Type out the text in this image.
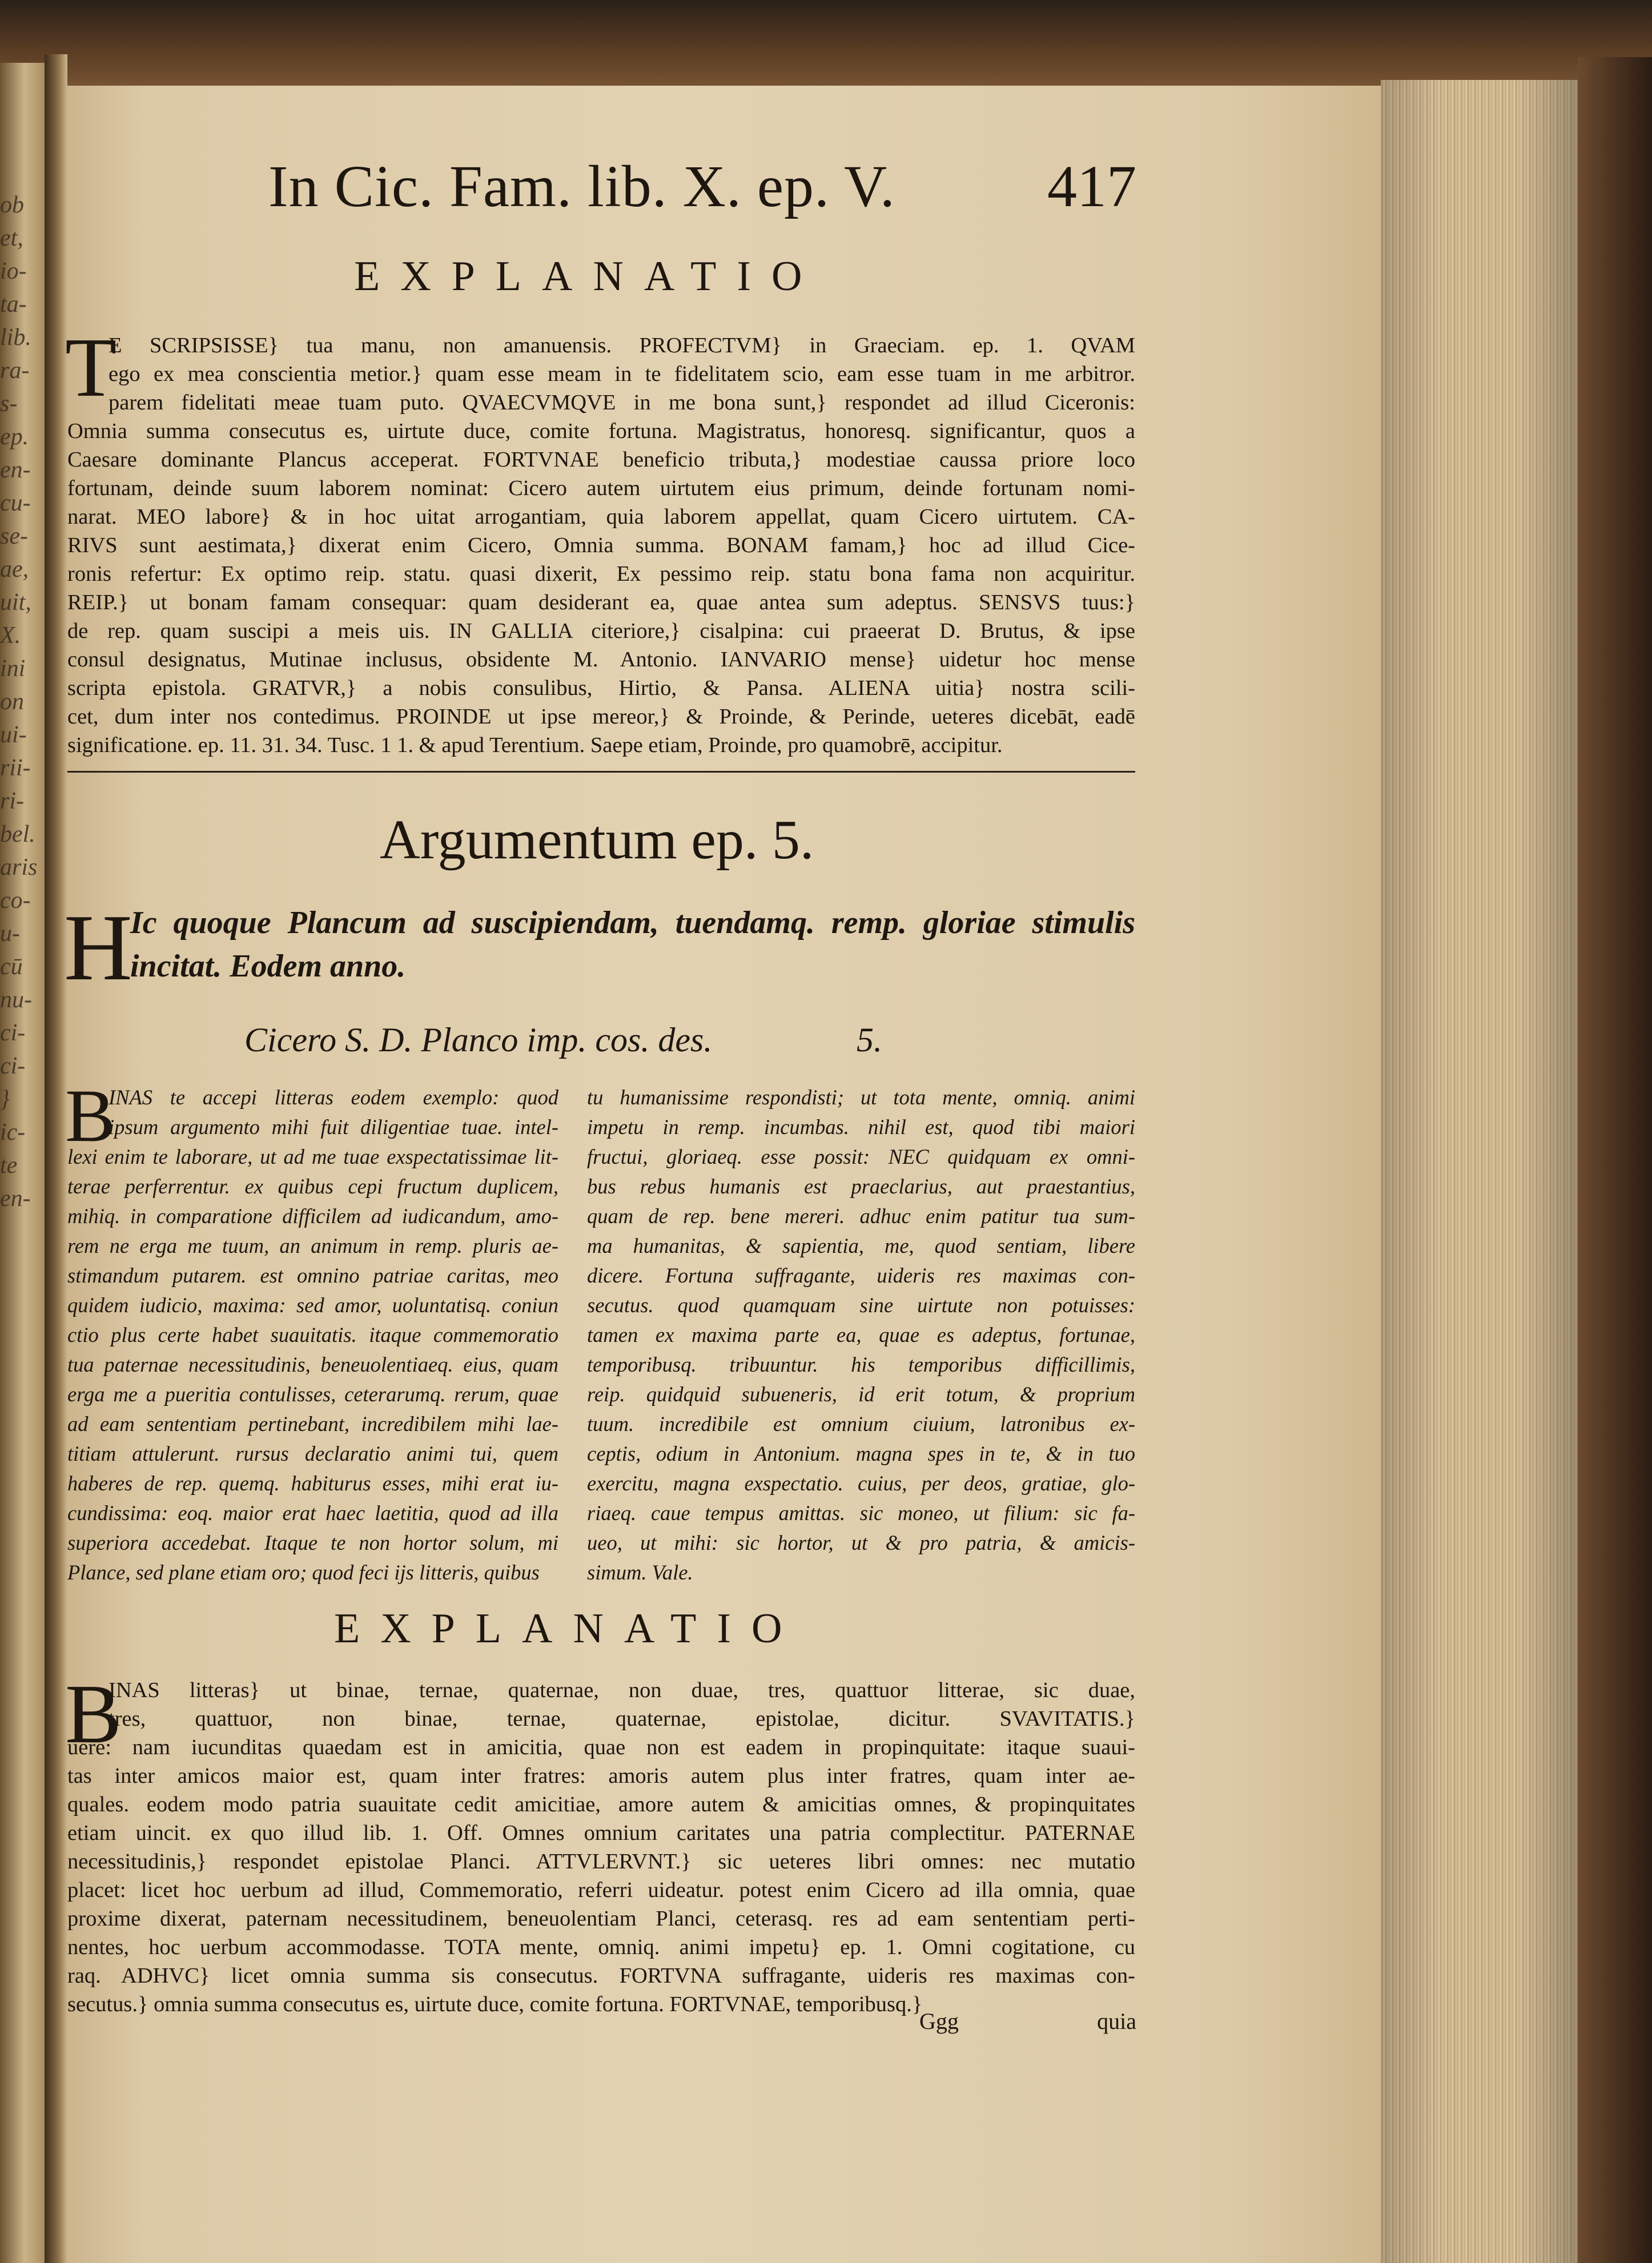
ob
et,
io-
ta-
lib.
ra-
s-
ep.
en-
cu-
se-
ae,
uit,
X.
ini
on
ui-
rii-
ri-
bel.
aris
co-
u-
cū
nu-
ci-
ci-
}
ic-
te
en-
In Cic. Fam. lib. X. ep. V.	417
EXPLANATIO
T
E SCRIPSISSE} tua manu, non amanuensis. PROFECTVM} in Graeciam. ep. 1. QVAM
ego ex mea conscientia metior.} quam esse meam in te fidelitatem scio, eam esse tuam in me arbitror.
parem fidelitati meae tuam puto. QVAECVMQVE in me bona sunt,} respondet ad illud Ciceronis:
Omnia summa consecutus es, uirtute duce, comite fortuna. Magistratus, honoresq. significantur, quos a
Caesare dominante Plancus acceperat. FORTVNAE beneficio tributa,} modestiae caussa priore loco
fortunam, deinde suum laborem nominat: Cicero autem uirtutem eius primum, deinde fortunam nomi-
narat. MEO labore} & in hoc uitat arrogantiam, quia laborem appellat, quam Cicero uirtutem. CA-
RIVS sunt aestimata,} dixerat enim Cicero, Omnia summa. BONAM famam,} hoc ad illud Cice-
ronis refertur: Ex optimo reip. statu. quasi dixerit, Ex pessimo reip. statu bona fama non acquiritur.
REIP.} ut bonam famam consequar: quam desiderant ea, quae antea sum adeptus. SENSVS tuus:}
de rep. quam suscipi a meis uis. IN GALLIA citeriore,} cisalpina: cui praeerat D. Brutus, & ipse
consul designatus, Mutinae inclusus, obsidente M. Antonio. IANVARIO mense} uidetur hoc mense
scripta epistola. GRATVR,} a nobis consulibus, Hirtio, & Pansa. ALIENA uitia} nostra scili-
cet, dum inter nos contedimus. PROINDE ut ipse mereor,} & Proinde, & Perinde, ueteres dicebāt, eadē
significatione. ep. 11. 31. 34. Tusc. 1 1. & apud Terentium. Saepe etiam, Proinde, pro quamobrē, accipitur.
Argumentum ep. 5.
H
Ic quoque Plancum ad suscipiendam, tuendamq. remp. gloriae stimulis
incitat. Eodem anno.
Cicero S. D. Planco imp. cos. des.	5.
B
INAS te accepi litteras eodem exemplo: quod
ipsum argumento mihi fuit diligentiae tuae. intel-
lexi enim te laborare, ut ad me tuae exspectatissimae lit-
terae perferrentur. ex quibus cepi fructum duplicem,
mihiq. in comparatione difficilem ad iudicandum, amo-
rem ne erga me tuum, an animum in remp. pluris ae-
stimandum putarem. est omnino patriae caritas, meo
quidem iudicio, maxima: sed amor, uoluntatisq. coniun
ctio plus certe habet suauitatis. itaque commemoratio
tua paternae necessitudinis, beneuolentiaeq. eius, quam
erga me a pueritia contulisses, ceterarumq. rerum, quae
ad eam sententiam pertinebant, incredibilem mihi lae-
titiam attulerunt. rursus declaratio animi tui, quem
haberes de rep. quemq. habiturus esses, mihi erat iu-
cundissima: eoq. maior erat haec laetitia, quod ad illa
superiora accedebat. Itaque te non hortor solum, mi
Plance, sed plane etiam oro; quod feci ijs litteris, quibus
tu humanissime respondisti; ut tota mente, omniq. animi
impetu in remp. incumbas. nihil est, quod tibi maiori
fructui, gloriaeq. esse possit: NEC quidquam ex omni-
bus rebus humanis est praeclarius, aut praestantius,
quam de rep. bene mereri. adhuc enim patitur tua sum-
ma humanitas, & sapientia, me, quod sentiam, libere
dicere. Fortuna suffragante, uideris res maximas con-
secutus. quod quamquam sine uirtute non potuisses:
tamen ex maxima parte ea, quae es adeptus, fortunae,
temporibusq. tribuuntur. his temporibus difficillimis,
reip. quidquid subueneris, id erit totum, & proprium
tuum. incredibile est omnium ciuium, latronibus ex-
ceptis, odium in Antonium. magna spes in te, & in tuo
exercitu, magna exspectatio. cuius, per deos, gratiae, glo-
riaeq. caue tempus amittas. sic moneo, ut filium: sic fa-
ueo, ut mihi: sic hortor, ut & pro patria, & amicis-
simum. Vale.
EXPLANATIO
B
INAS litteras} ut binae, ternae, quaternae, non duae, tres, quattuor litterae, sic duae,
tres, quattuor, non binae, ternae, quaternae, epistolae, dicitur. SVAVITATIS.}
uere: nam iucunditas quaedam est in amicitia, quae non est eadem in propinquitate: itaque suaui-
tas inter amicos maior est, quam inter fratres: amoris autem plus inter fratres, quam inter ae-
quales. eodem modo patria suauitate cedit amicitiae, amore autem & amicitias omnes, & propinquitates
etiam uincit. ex quo illud lib. 1. Off. Omnes omnium caritates una patria complectitur. PATERNAE
necessitudinis,} respondet epistolae Planci. ATTVLERVNT.} sic ueteres libri omnes: nec mutatio
placet: licet hoc uerbum ad illud, Commemoratio, referri uideatur. potest enim Cicero ad illa omnia, quae
proxime dixerat, paternam necessitudinem, beneuolentiam Planci, ceterasq. res ad eam sententiam perti-
nentes, hoc uerbum accommodasse. TOTA mente, omniq. animi impetu} ep. 1. Omni cogitatione, cu
raq. ADHVC} licet omnia summa sis consecutus. FORTVNA suffragante, uideris res maximas con-
secutus.} omnia summa consecutus es, uirtute duce, comite fortuna. FORTVNAE, temporibusq.}
Ggg	quia
